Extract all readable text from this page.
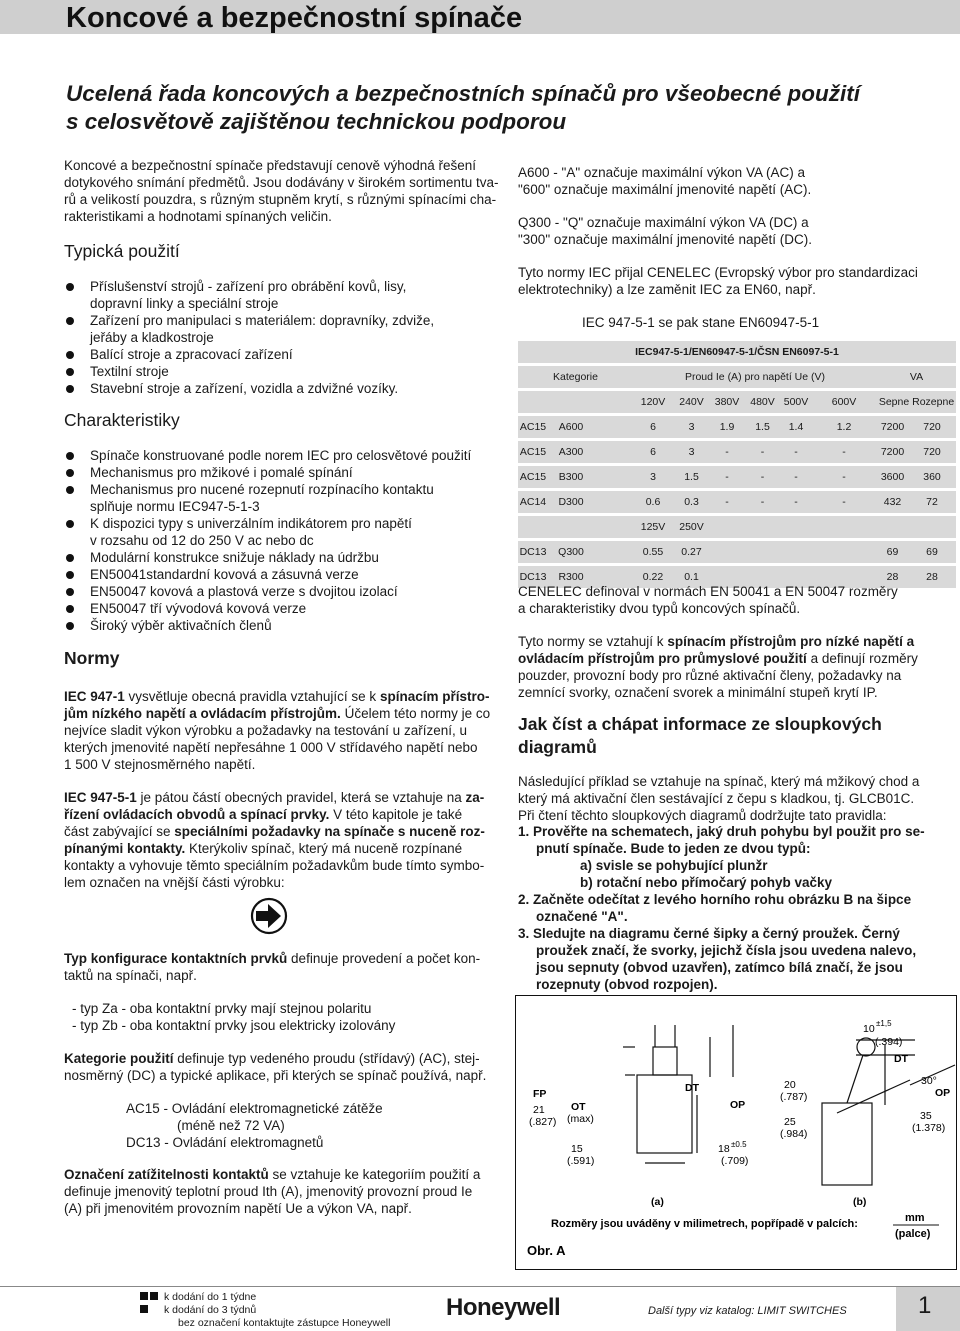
Koncové a bezpečnostní spínače
Ucelená řada koncových a bezpečnostních spínačů pro všeobecné použití
s celosvětově zajištěnou technickou podporou
Koncové a bezpečnostní spínače představují cenově výhodná řešení
dotykového snímání předmětů. Jsou dodávány v širokém sortimentu tva-
rů a velikostí pouzdra, s různým stupněm krytí, s různými spínacími cha-
rakteristikami a hodnotami spínaných veličin.
Typická použití
Příslušenství strojů - zařízení pro obrábění kovů, lisy,
dopravní linky a speciální stroje
Zařízení pro manipulaci s materiálem: dopravníky, zdviže,
jeřáby a kladkostroje
Balící stroje a zpracovací zařízení
Textilní stroje
Stavební stroje a zařízení, vozidla a zdvižné vozíky.
Charakteristiky
Spínače konstruované podle norem IEC pro celosvětové použití
Mechanismus pro mžikové i pomalé spínání
Mechanismus pro nucené rozepnutí rozpínacího kontaktu
splňuje normu IEC947-5-1-3
K dispozici typy s univerzálním indikátorem pro napětí
v rozsahu od 12 do 250 V ac nebo dc
Modulární konstrukce snižuje náklady na údržbu
EN50041standardní kovová a zásuvná verze
EN50047 kovová a plastová verze s dvojitou izolací
EN50047 tří vývodová kovová verze
Široký výběr aktivačních členů
Normy
IEC 947-1 vysvětluje obecná pravidla vztahující se k spínacím přístro-
jům nízkého napětí a ovládacím přístrojům. Účelem této normy je co
nejvíce sladit výkon výrobku a požadavky na testování u zařízení, u
kterých jmenovité napětí nepřesáhne 1 000 V střídavého napětí nebo
1 500 V stejnosměrného napětí.
IEC 947-5-1 je pátou částí obecných pravidel, která se vztahuje na za-
řízení ovládacích obvodů a spínací prvky. V této kapitole je také
část zabývající se speciálními požadavky na spínače s nuceně roz-
pínanými kontakty. Kterýkoliv spínač, který má nuceně rozpínané
kontakty a vyhovuje těmto speciálním požadavkům bude tímto symbo-
lem označen na vnější části výrobku:
Typ konfigurace kontaktních prvků definuje provedení a počet kon-
taktů na spínači, např.
- typ Za - oba kontaktní prvky mají stejnou polaritu
- typ Zb - oba kontaktní prvky jsou elektricky izolovány
Kategorie použití definuje typ vedeného proudu (střídavý) (AC), stej-
nosměrný (DC) a typické aplikace, při kterých se spínač používá, např.
AC15 - Ovládání elektromagnetické zátěže
(méně než 72 VA)
DC13 - Ovládání elektromagnetů
Označení zatížitelnosti kontaktů se vztahuje ke kategoriím použití a
definuje jmenovitý teplotní proud Ith (A), jmenovitý provozní proud Ie
(A) při jmenovitém provozním napětí Ue a výkon VA, např.
A600 - "A" označuje maximální výkon VA (AC) a
"600" označuje maximální jmenovité napětí (AC).
Q300 - "Q" označuje maximální výkon VA (DC) a
"300" označuje maximální jmenovité napětí (DC).
Tyto normy IEC přijal CENELEC (Evropský výbor pro standardizaci
elektrotechniky) a lze zaměnit IEC za EN60, např.
IEC 947-5-1 se pak stane EN60947-5-1
IEC947-5-1/EN60947-5-1/ČSN EN6097-5-1										

Kategorie			Proud Ie (A) pro napětí Ue (V)						VA	

			120V	240V	380V	480V	500V	600V	Sepne Rozepne	

AC15	A600		6	3	1.9	1.5	1.4	1.2	7200	720

AC15	A300		6	3	-	-	-	-	7200	720

AC15	B300		3	1.5	-	-	-	-	3600	360

AC14	D300		0.6	0.3	-	-	-	-	432	72

			125V	250V						

DC13	Q300		0.55	0.27					69	69

DC13	R300		0.22	0.1					28	28
CENELEC definoval v normách EN 50041 a EN 50047 rozměry
a charakteristiky dvou typů koncových spínačů.
Tyto normy se vztahují k spínacím přístrojům pro nízké napětí a
ovládacím přístrojům pro průmyslové použití a definují rozměry
pouzder, provozní body pro různé aktivační členy, požadavky na
zemnící svorky, označení svorek a minimální stupeň krytí IP.
Jak číst a chápat informace ze sloupkových
diagramů
Následující příklad se vztahuje na spínač, který má mžikový chod a
který má aktivační člen sestávající z čepu s kladkou, tj. GLCB01C.
Při čtení těchto sloupkových diagramů dodržujte tato pravidla:
1. Prověřte na schematech, jaký druh pohybu byl použit pro se-
pnutí spínače. Bude to jeden ze dvou typů:
a) svisle se pohybující plunžr
b) rotační nebo přímočarý pohyb vačky
2. Začněte odečítat z levého horního rohu obrázku B na šipce
označené "A".
3. Sledujte na diagramu černé šipky a černý proužek. Černý
proužek značí, že svorky, jejichž čísla jsou uvedena nalevo,
jsou sepnuty (obvod uzavřen), zatímco bílá značí, že jsou
rozepnuty (obvod rozpojen).
FP
21
(.827)
OT
(max)
DT
OP
15
(.591)
18 ±0.5
(.709)
20
(.787)
25
(.984)
10 ±1,5
(.394)
DT
30°
OP
35
(1.378)
(a)	(b)
Rozměry jsou uváděny v milimetrech, popřípadě v palcích:	mm
(palce)
Obr. A
k dodání do 1 týdne
k dodání do 3 týdnů
bez označení kontaktujte zástupce Honeywell
Honeywell	Další typy viz katalog: LIMIT SWITCHES	1
